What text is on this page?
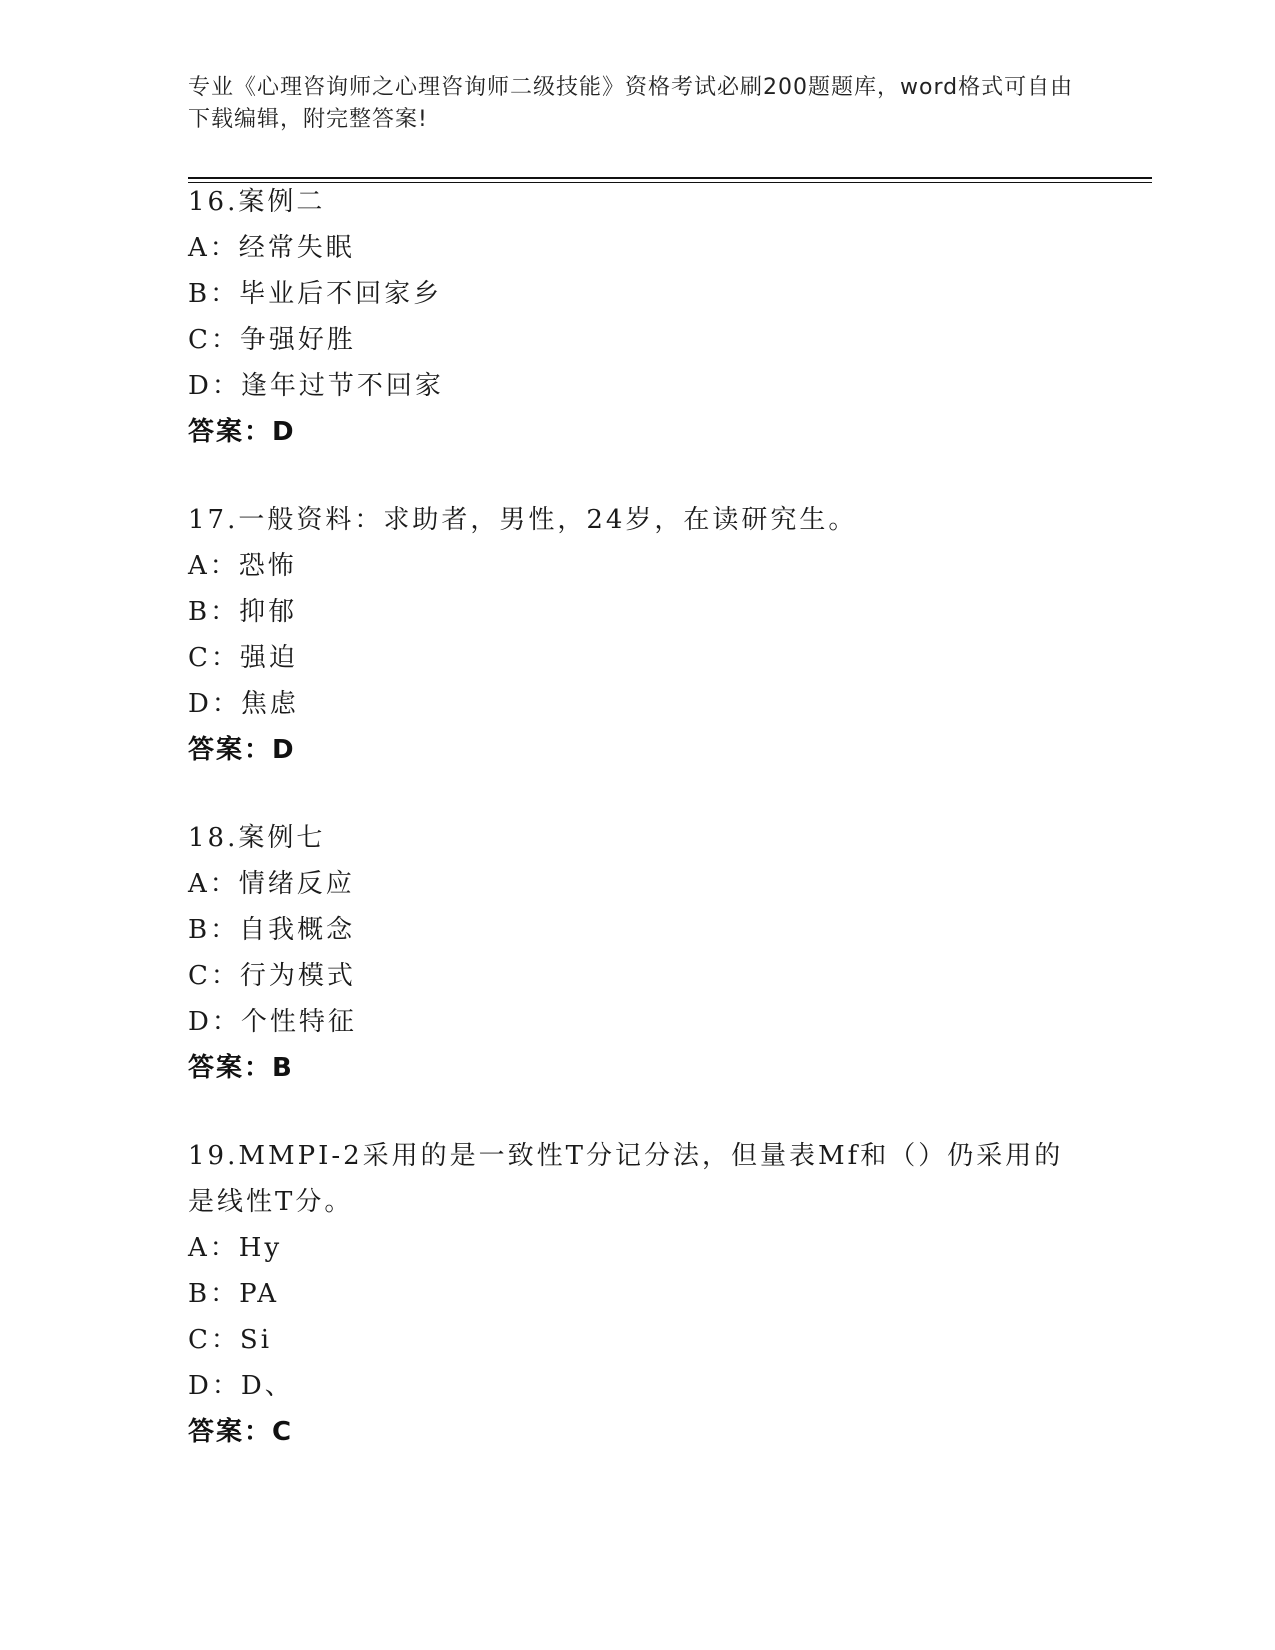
专业《心理咨询师之心理咨询师二级技能》资格考试必刷200题题库，word格式可自由下载编辑，附完整答案!
16.案例二
A：经常失眠
B：毕业后不回家乡
C：争强好胜
D：逢年过节不回家
答案：D
17.一般资料：求助者，男性，24岁，在读研究生。
A：恐怖
B：抑郁
C：强迫
D：焦虑
答案：D
18.案例七
A：情绪反应
B：自我概念
C：行为模式
D：个性特征
答案：B
19.MMPI-2采用的是一致性T分记分法，但量表Mf和（）仍采用的是线性T分。
A：Hy
B：PA
C：Si
D：D、
答案：C
